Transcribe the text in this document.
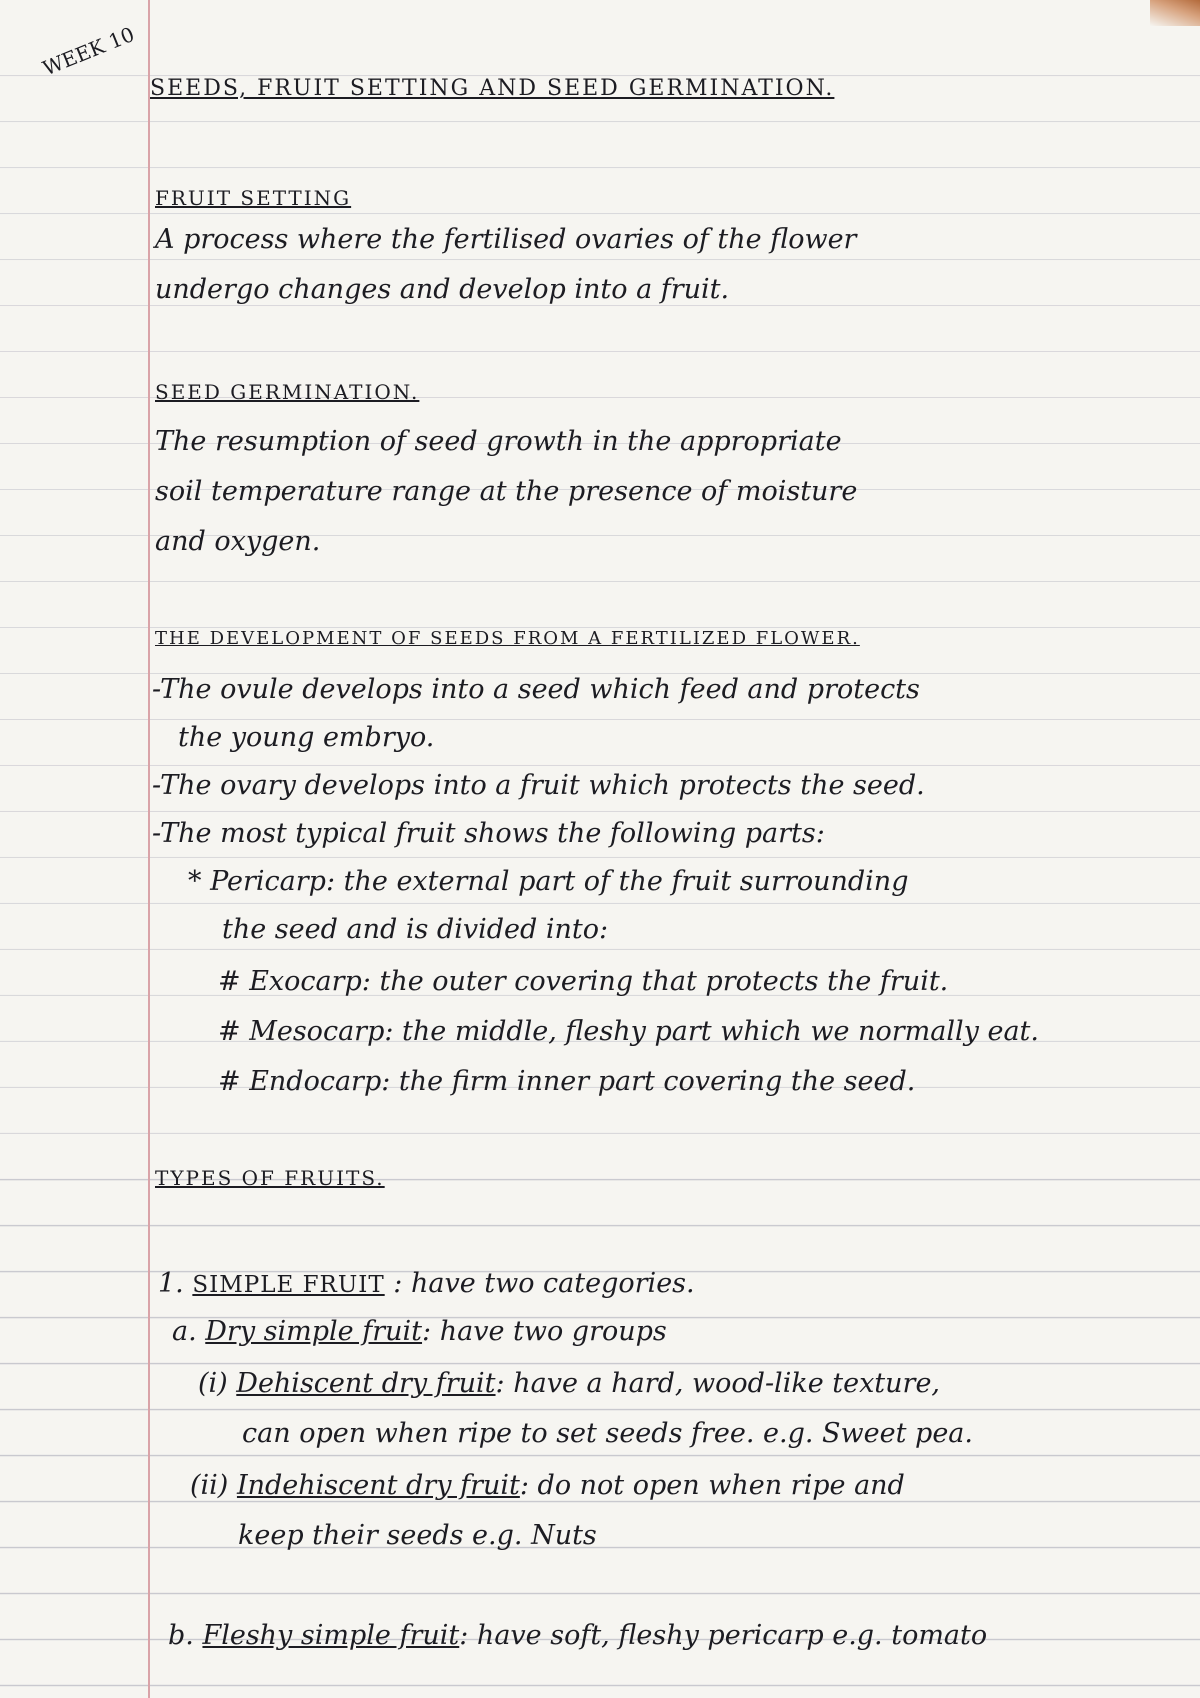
WEEK 10
SEEDS, FRUIT SETTING AND SEED GERMINATION.
FRUIT SETTING
A process where the fertilised ovaries of the flower
undergo changes and develop into a fruit.
SEED GERMINATION.
The resumption of seed growth in the appropriate
soil temperature range at the presence of moisture
and oxygen.
THE DEVELOPMENT OF SEEDS FROM A FERTILIZED FLOWER.
-The ovule develops into a seed which feed and protects
the young embryo.
-The ovary develops into a fruit which protects the seed.
-The most typical fruit shows the following parts:
* Pericarp: the external part of the fruit surrounding
the seed and is divided into:
# Exocarp: the outer covering that protects the fruit.
# Mesocarp: the middle, fleshy part which we normally eat.
# Endocarp: the firm inner part covering the seed.
TYPES OF FRUITS.
1. SIMPLE FRUIT : have two categories.
a. Dry simple fruit: have two groups
(i) Dehiscent dry fruit: have a hard, wood-like texture,
can open when ripe to set seeds free. e.g. Sweet pea.
(ii) Indehiscent dry fruit: do not open when ripe and
keep their seeds e.g. Nuts
b. Fleshy simple fruit: have soft, fleshy pericarp e.g. tomato
